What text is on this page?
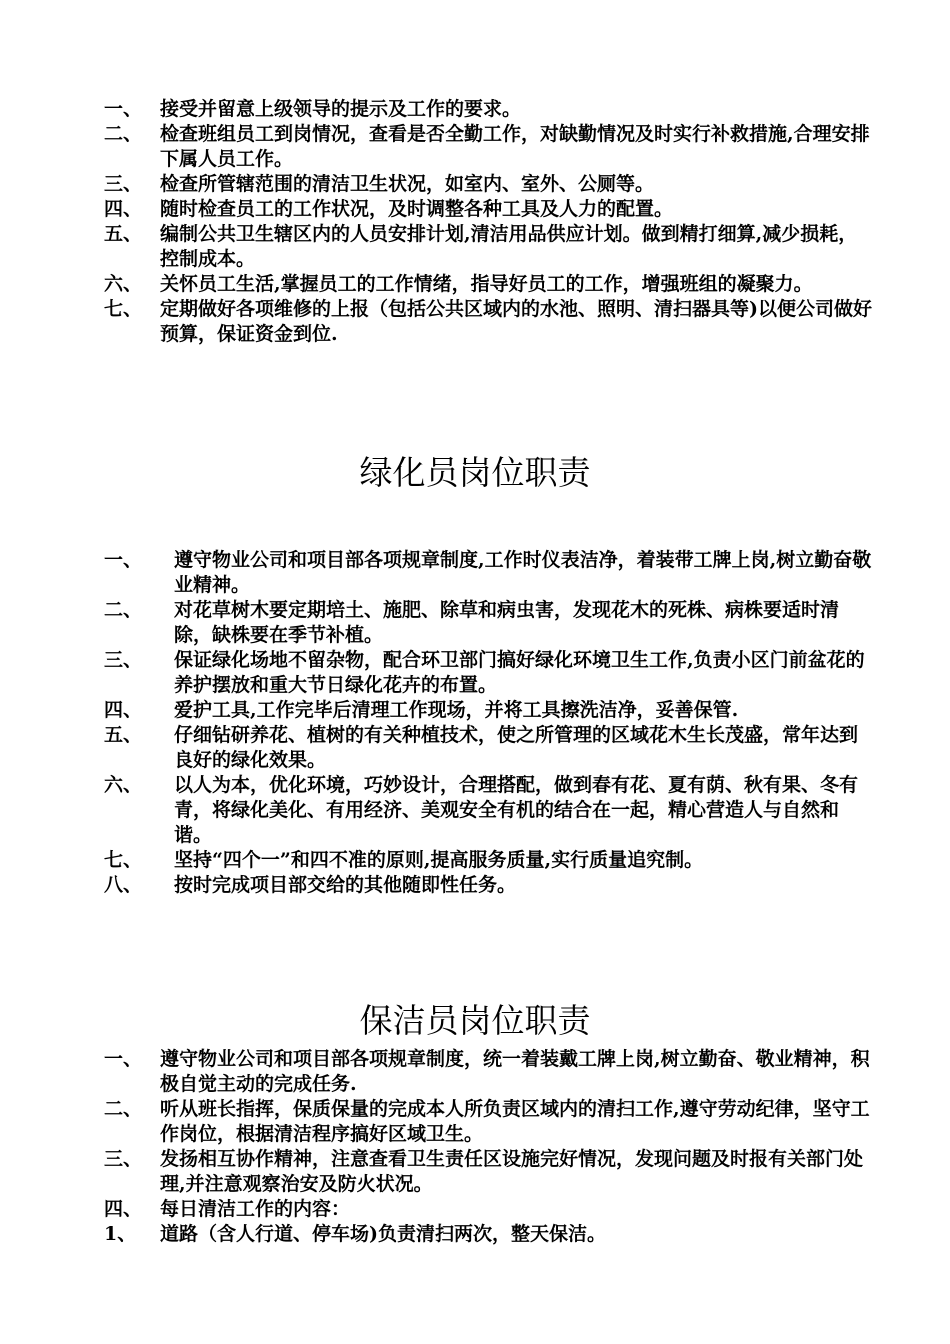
一、 接受并留意上级领导的提示及工作的要求。
二、 检查班组员工到岗情况，查看是否全勤工作，对缺勤情况及时实行补救措施,合理安排下属人员工作。
三、 检查所管辖范围的清洁卫生状况，如室内、室外、公厕等。
四、 随时检查员工的工作状况，及时调整各种工具及人力的配置。
五、 编制公共卫生辖区内的人员安排计划,清洁用品供应计划。做到精打细算,减少损耗，控制成本。
六、 关怀员工生活,掌握员工的工作情绪，指导好员工的工作，增强班组的凝聚力。
七、 定期做好各项维修的上报（包括公共区域内的水池、照明、清扫器具等)以便公司做好预算，保证资金到位.
绿化员岗位职责
一、	遵守物业公司和项目部各项规章制度,工作时仪表洁净，着装带工牌上岗,树立勤奋敬业精神。
二、	对花草树木要定期培土、施肥、除草和病虫害，发现花木的死株、病株要适时清除，缺株要在季节补植。
三、	保证绿化场地不留杂物，配合环卫部门搞好绿化环境卫生工作,负责小区门前盆花的养护摆放和重大节日绿化花卉的布置。
四、	爱护工具,工作完毕后清理工作现场，并将工具擦洗洁净，妥善保管.
五、	仔细钻研养花、植树的有关种植技术，使之所管理的区域花木生长茂盛，常年达到良好的绿化效果。
六、	以人为本，优化环境，巧妙设计，合理搭配，做到春有花、夏有荫、秋有果、冬有青，将绿化美化、有用经济、美观安全有机的结合在一起，精心营造人与自然和谐。
七、	坚持“四个一”和四不准的原则,提高服务质量,实行质量追究制。
八、	按时完成项目部交给的其他随即性任务。
保洁员岗位职责
一、 遵守物业公司和项目部各项规章制度，统一着装戴工牌上岗,树立勤奋、敬业精神，积极自觉主动的完成任务.
二、 听从班长指挥，保质保量的完成本人所负责区域内的清扫工作,遵守劳动纪律，坚守工作岗位，根据清洁程序搞好区域卫生。
三、 发扬相互协作精神，注意查看卫生责任区设施完好情况，发现问题及时报有关部门处理,并注意观察治安及防火状况。
四、 每日清洁工作的内容：
1、	道路（含人行道、停车场)负责清扫两次，整天保洁。
